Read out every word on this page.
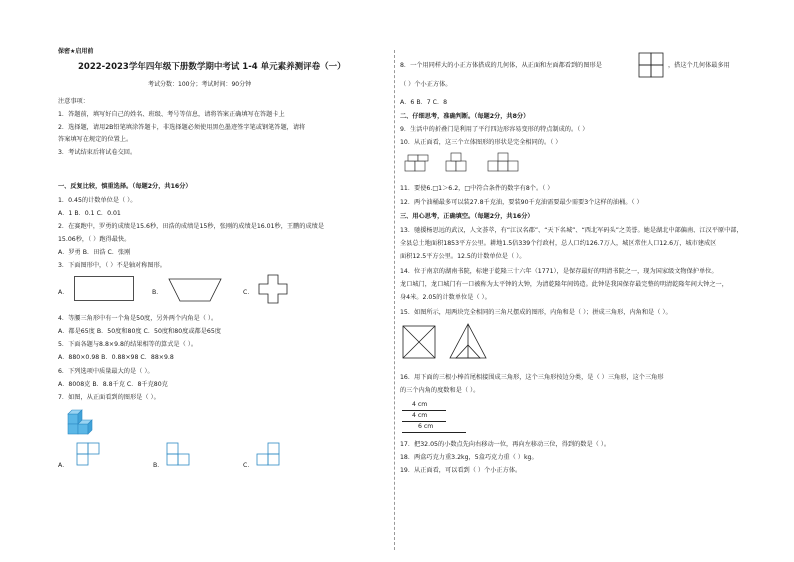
保密★启用前
2022-2023学年四年级下册数学期中考试 1-4 单元素养测评卷（一）
考试分数：100分；考试时间：90分钟
注意事项：
1．答题前，填写好自己的姓名、班级、考号等信息，请将答案正确填写在答题卡上
2．选择题，请用2B铅笔填涂答题卡，非选择题必须使用黑色墨迹签字笔或钢笔答题，请将
答案填写在规定的位置上。
3．考试结束后将试卷交回。
一、反复比较，慎重选择。（每题2分，共16分）
1．0.45的计数单位是（ ）。
A．1 B．0.1 C．0.01
2．在赛跑中，罗勇的成绩是15.6秒，田浩的成绩是15秒，张刚的成绩是16.01秒，王鹏的成绩是
15.06秒，（ ）跑得最快。
A．罗勇 B．田浩 C．张刚
3．下面图形中，（ ）不是轴对称图形。
A．	B．	C．
4．等腰三角形中有一个角是50度，另外两个内角是（ ）。
A．都是65度 B．50度和80度 C．50度和80度或都是65度
5．下面各题与8.8×9.8的结果相等的算式是（ ）。
A．880×0.98 B．0.88×98 C．88×9.8
6．下列选项中质量最大的是（ ）。
A．8008克 B．8.8千克 C．8千克80克
7．如图，从正面看到的图形是（ ）。
A．	B．	C．
8．一个用同样大的小正方体搭成的几何体，从正面和左面都看到的图形是	，搭这个几何体最多用
（ ）个小正方体。
A．6 B．7 C．8
二、仔细思考，准确判断。（每题2分，共8分）
9．生活中的折叠门是利用了平行四边形容易变形的特点制成的。（ ）
10．从正面看，这三个立体图形的形状是完全相同的。（ ）
11．要使6.□1＞6.2，□中符合条件的数字有8个。（ ）
12．两个油桶最多可以装27.8千克油，要装90千克油需要最少需要3个这样的油桶。（ ）
三、用心思考，正确填空。（每题2分，共16分）
13．驰援杨思远的武汉，人文荟萃，有“江汉名郡”、“天下名城”、“西北军码头”之美誉。她是湖北中部偏南、江汉平原中部，
全县总土地面积1853平方公里。耕地1.5倍339个行政村，总人口约126.7万人，城区常住人口12.6万，城市建成区
面积12.5平方公里。12.5的计数单位是（ ）。
14．位于南京的湖南书院，标建于乾隆三十六年（1771），是保存最好的明清书院之一，现为国家级文物保护单位。
龙口城门，龙口城门有一口被称为太平钟的大钟，为清乾隆年间铸造。此钟是我国保存最完整的明清乾隆年间大钟之一，
身4米。2.05的计数单位是（ ）。
15．如图所示，用两块完全相同的三角尺摆成的图形，内角和是（ ）；拼成三角形，内角和是（ ）。
16．用下面的三根小棒首尾相接围成三角形，这个三角形按边分类，是（ ）三角形，这个三角形
的三个内角的度数和是（ ）。
4 cm
4 cm
6 cm
17．把32.05的小数点先向右移动一位，再向左移动三位，得到的数是（ ）。
18．两盒巧克力重3.2kg，5盒巧克力重（ ）kg。
19．从正面看，可以看到（ ）个小正方体。
